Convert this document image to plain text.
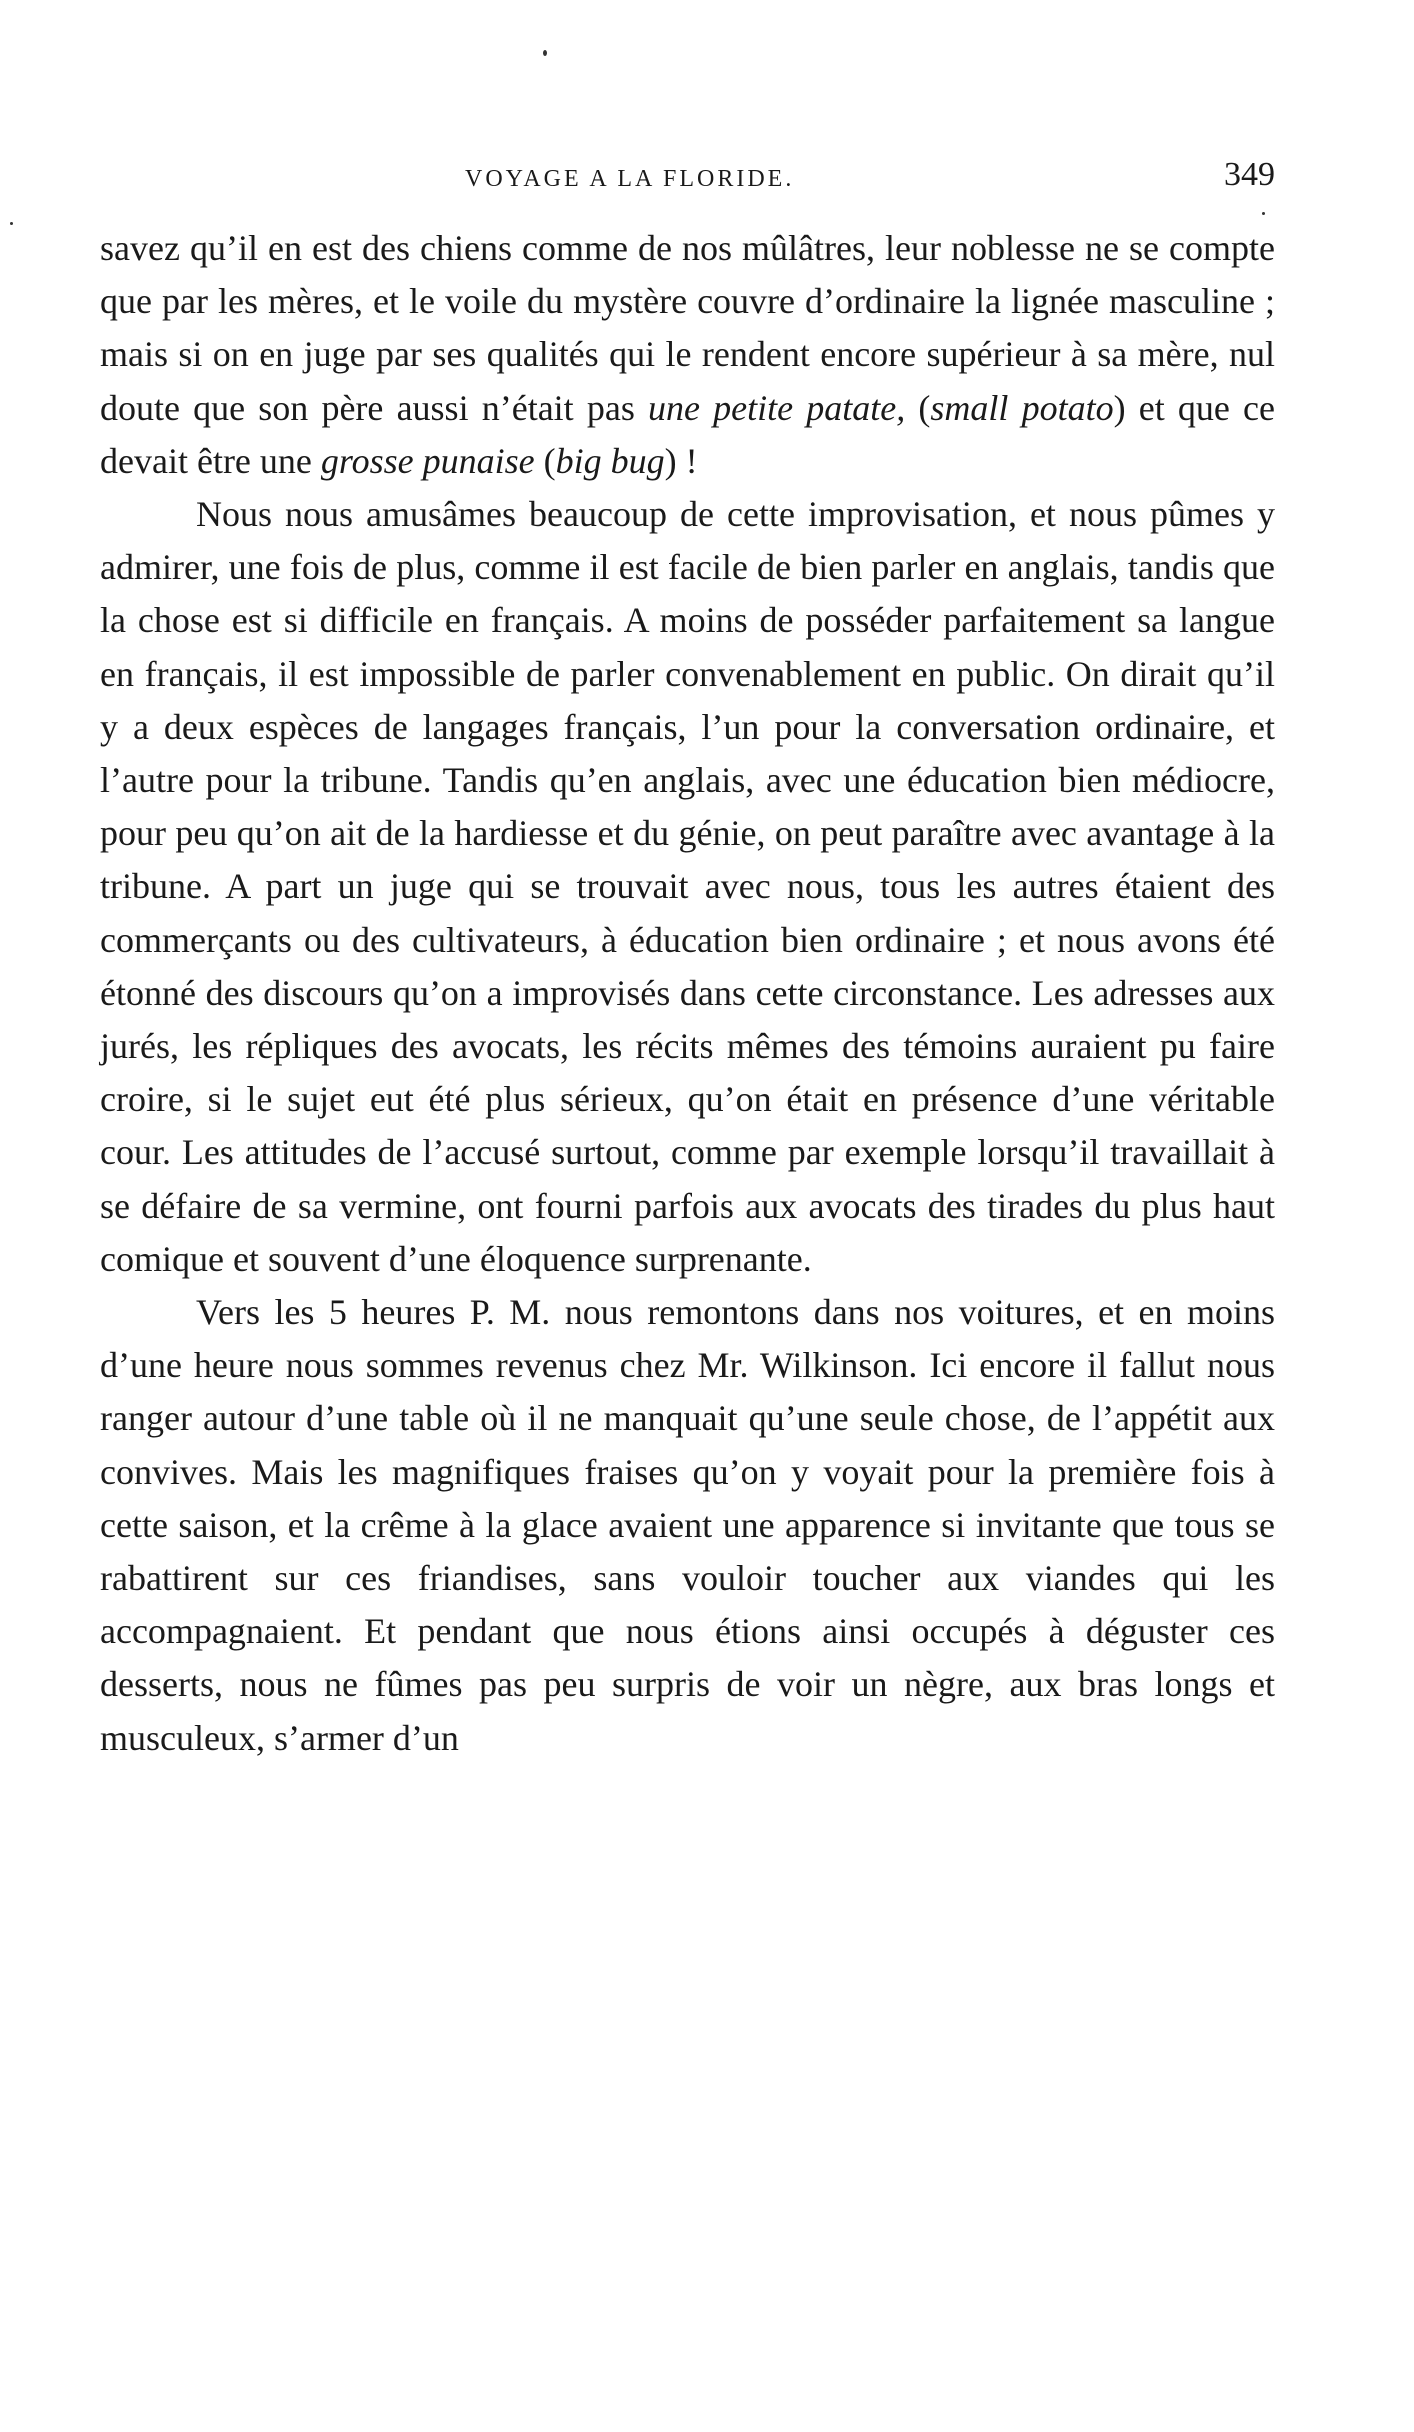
VOYAGE A LA FLORIDE.	349

savez qu’il en est des chiens comme de nos mûlâtres, leur noblesse ne se compte que par les mères, et le voile du mystère couvre d’ordinaire la lignée masculine ; mais si on en juge par ses qualités qui le rendent encore supérieur à sa mère, nul doute que son père aussi n’était pas une petite patate, (small potato) et que ce devait être une grosse punaise (big bug) !

Nous nous amusâmes beaucoup de cette improvisation, et nous pûmes y admirer, une fois de plus, comme il est facile de bien parler en anglais, tandis que la chose est si difficile en français. A moins de posséder parfaitement sa langue en français, il est impossible de parler convenablement en public. On dirait qu’il y a deux espèces de langages français, l’un pour la conversation ordinaire, et l’autre pour la tribune. Tandis qu’en anglais, avec une éducation bien médiocre, pour peu qu’on ait de la hardiesse et du génie, on peut paraître avec avantage à la tribune. A part un juge qui se trouvait avec nous, tous les autres étaient des commerçants ou des cultivateurs, à éducation bien ordinaire ; et nous avons été étonné des discours qu’on a improvisés dans cette circonstance. Les adresses aux jurés, les répliques des avocats, les récits mêmes des témoins auraient pu faire croire, si le sujet eut été plus sérieux, qu’on était en présence d’une véritable cour. Les attitudes de l’accusé surtout, comme par exemple lorsqu’il travaillait à se défaire de sa vermine, ont fourni parfois aux avocats des tirades du plus haut comique et souvent d’une éloquence surprenante.

Vers les 5 heures P. M. nous remontons dans nos voitures, et en moins d’une heure nous sommes revenus chez Mr. Wilkinson. Ici encore il fallut nous ranger autour d’une table où il ne manquait qu’une seule chose, de l’appétit aux convives. Mais les magnifiques fraises qu’on y voyait pour la première fois à cette saison, et la crême à la glace avaient une apparence si invitante que tous se rabattirent sur ces friandises, sans vouloir toucher aux viandes qui les accompagnaient. Et pendant que nous étions ainsi occupés à déguster ces desserts, nous ne fûmes pas peu surpris de voir un nègre, aux bras longs et musculeux, s’armer d’un
